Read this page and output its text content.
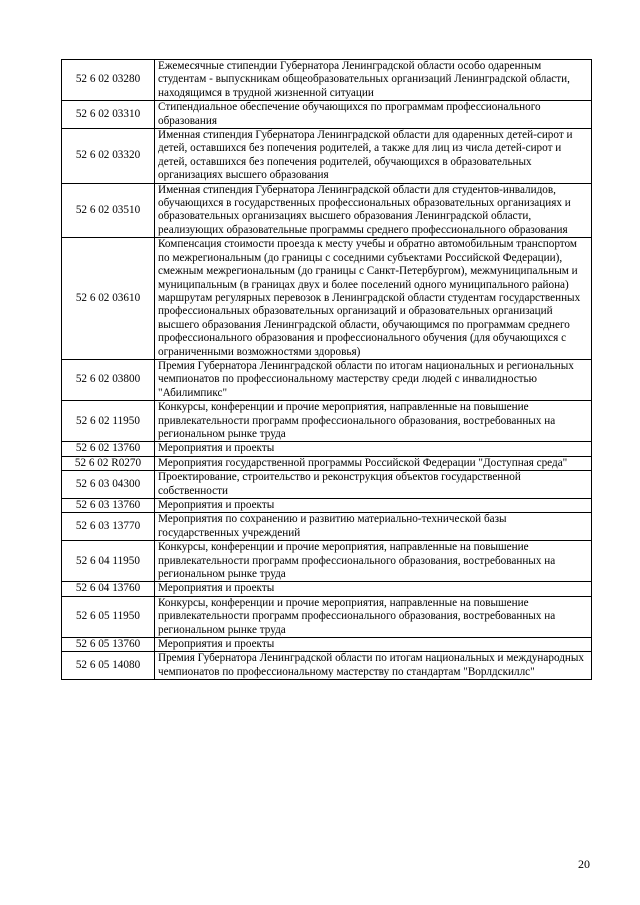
52 6 02 03280	Ежемесячные стипендии Губернатора Ленинградской области особо одаренным студентам - выпускникам общеобразовательных организаций Ленинградской области, находящимся в трудной жизненной ситуации
52 6 02 03310	Стипендиальное обеспечение обучающихся по программам профессионального образования
52 6 02 03320	Именная стипендия Губернатора Ленинградской области для одаренных детей-сирот и детей, оставшихся без попечения родителей, а также для лиц из числа детей-сирот и детей, оставшихся без попечения родителей, обучающихся в образовательных организациях высшего образования
52 6 02 03510	Именная стипендия Губернатора Ленинградской области для студентов-инвалидов, обучающихся в государственных профессиональных образовательных организациях и образовательных организациях высшего образования Ленинградской области, реализующих образовательные программы среднего профессионального образования
52 6 02 03610	Компенсация стоимости проезда к месту учебы и обратно автомобильным транспортом по межрегиональным (до границы с соседними субъектами Российской Федерации), смежным межрегиональным (до границы с Санкт-Петербургом), межмуниципальным и муниципальным (в границах двух и более поселений одного муниципального района) маршрутам регулярных перевозок в Ленинградской области студентам государственных профессиональных образовательных организаций и образовательных организаций высшего образования Ленинградской области, обучающимся по программам среднего профессионального образования и профессионального обучения (для обучающихся с ограниченными возможностями здоровья)
52 6 02 03800	Премия Губернатора Ленинградской области по итогам национальных и региональных чемпионатов по профессиональному мастерству среди людей с инвалидностью "Абилимпикс"
52 6 02 11950	Конкурсы, конференции и прочие мероприятия, направленные на повышение привлекательности программ профессионального образования, востребованных на региональном рынке труда
52 6 02 13760	Мероприятия и проекты
52 6 02 R0270	Мероприятия государственной программы Российской Федерации "Доступная среда"
52 6 03 04300	Проектирование, строительство и реконструкция объектов государственной собственности
52 6 03 13760	Мероприятия и проекты
52 6 03 13770	Мероприятия по сохранению и развитию материально-технической базы государственных учреждений
52 6 04 11950	Конкурсы, конференции и прочие мероприятия, направленные на повышение привлекательности программ профессионального образования, востребованных на региональном рынке труда
52 6 04 13760	Мероприятия и проекты
52 6 05 11950	Конкурсы, конференции и прочие мероприятия, направленные на повышение привлекательности программ профессионального образования, востребованных на региональном рынке труда
52 6 05 13760	Мероприятия и проекты
52 6 05 14080	Премия Губернатора Ленинградской области по итогам национальных и международных чемпионатов по профессиональному мастерству по стандартам "Ворлдскиллс"
20
